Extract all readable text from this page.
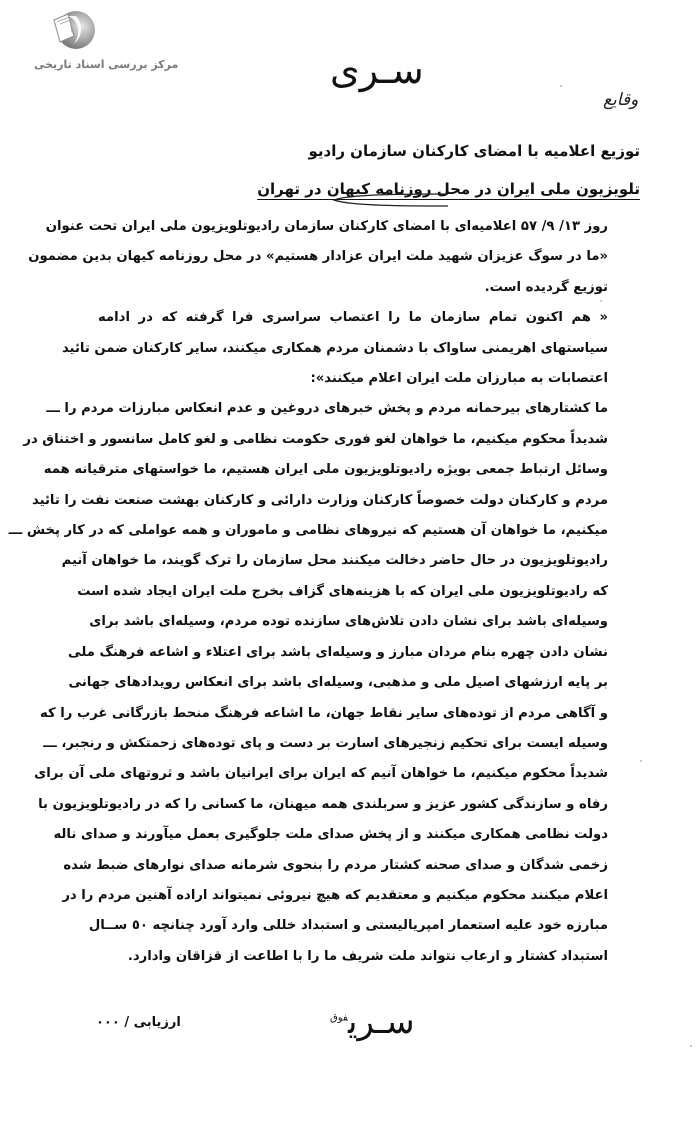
مرکز بررسی اسناد تاریخی	سـری
وقایع
توزیع اعلامیه با امضای کارکنان سازمان رادیو
تلویزیون ملی ایران در محل روزنامه کیهان در تهران
روز ۱۳/ ۹/ ۵۷ اعلامیه‌ای با امضای کارکنان سازمان رادیوتلویزیون ملی ایران تحت عنوان
«ما در سوگ عزیزان شهید ملت ایران عزادار هستیم» در محل روزنامه کیهان بدین مضمون
توزیع گردیده است.
« هم اکنون تمام سازمان ما را اعتصاب سراسری فرا گرفته که در ادامه
سیاستهای اهریمنی ساواک با دشمنان مردم همکاری میکنند، سایر کارکنان ضمن تائید
اعتصابات به مبارزان ملت ایران اعلام میکنند»:
ما کشتارهای بیرحمانه مردم و پخش خبرهای دروغین و عدم انعکاس مبارزات مردم را ـــ
شدیداً محکوم میکنیم، ما خواهان لغو فوری حکومت نظامی و لغو کامل سانسور و اختناق در
وسائل ارتباط جمعی بویژه رادیوتلویزیون ملی ایران هستیم، ما خواستهای مترقیانه همه
مردم و کارکنان دولت خصوصاً کارکنان وزارت دارائی و کارکنان بهشت صنعت نفت را تائید
میکنیم، ما خواهان آن هستیم که نیروهای نظامی و ماموران و همه عواملی که در کار پخش ـــ
رادیوتلویزیون در حال حاضر دخالت میکنند محل سازمان را ترک گویند، ما خواهان آنیم
که رادیوتلویزیون ملی ایران که با هزینه‌های گزاف بخرج ملت ایران ایجاد شده است
وسیله‌ای باشد برای نشان دادن تلاش‌های سازنده توده مردم، وسیله‌ای باشد برای
نشان دادن چهره بنام مردان مبارز و وسیله‌ای باشد برای اعتلاء و اشاعه فرهنگ ملی
بر پایه ارزشهای اصیل ملی و مذهبی، وسیله‌ای باشد برای انعکاس رویدادهای جهانی
و آگاهی مردم از توده‌های سایر نقاط جهان، ما اشاعه فرهنگ منحط بازرگانی غرب را که
وسیله ایست برای تحکیم زنجیرهای اسارت بر دست و پای توده‌های زحمتکش و رنجبر، ـــ
شدیداً محکوم میکنیم، ما خواهان آنیم که ایران برای ایرانیان باشد و ثروتهای ملی آن برای
رفاه و سازندگی کشور عزیز و سربلندی همه میهنان، ما کسانی را که در رادیوتلویزیون با
دولت نظامی همکاری میکنند و از پخش صدای ملت جلوگیری بعمل میآورند و صدای ناله
زخمی شدگان و صدای صحنه کشتار مردم را بنحوی شرمانه صدای نوارهای ضبط شده
اعلام میکنند محکوم میکنیم و معتقدیم که هیچ نیروئی نمیتواند اراده آهنین مردم را در
مبارزه خود علیه استعمار امپریالیستی و استبداد خللی وارد آورد چنانچه ٥٠ ســال
استبداد کشتار و ارعاب نتواند ملت شریف ما را با اطاعت از قزاقان وادارد.
ارزیابی / ۰۰۰	سـری$^{فوق}$
